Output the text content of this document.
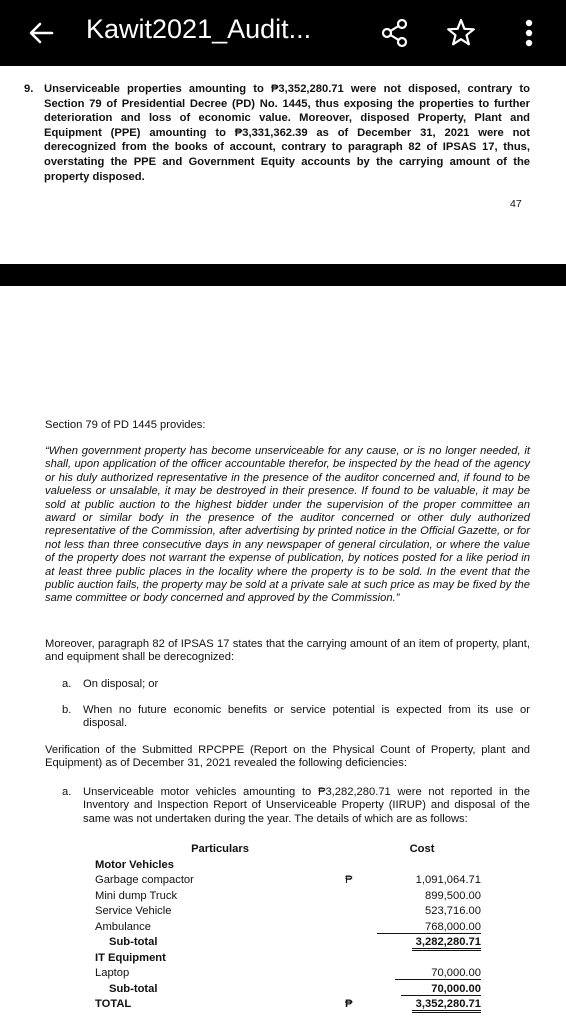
Kawit2021_Audit...
9. Unserviceable properties amounting to ₱3,352,280.71 were not disposed, contrary to Section 79 of Presidential Decree (PD) No. 1445, thus exposing the properties to further deterioration and loss of economic value. Moreover, disposed Property, Plant and Equipment (PPE) amounting to ₱3,331,362.39 as of December 31, 2021 were not derecognized from the books of account, contrary to paragraph 82 of IPSAS 17, thus, overstating the PPE and Government Equity accounts by the carrying amount of the property disposed.
47
Section 79 of PD 1445 provides:
“When government property has become unserviceable for any cause, or is no longer needed, it shall, upon application of the officer accountable therefor, be inspected by the head of the agency or his duly authorized representative in the presence of the auditor concerned and, if found to be valueless or unsalable, it may be destroyed in their presence. If found to be valuable, it may be sold at public auction to the highest bidder under the supervision of the proper committee an award or similar body in the presence of the auditor concerned or other duly authorized representative of the Commission, after advertising by printed notice in the Official Gazette, or for not less than three consecutive days in any newspaper of general circulation, or where the value of the property does not warrant the expense of publication, by notices posted for a like period in at least three public places in the locality where the property is to be sold. In the event that the public auction fails, the property may be sold at a private sale at such price as may be fixed by the same committee or body concerned and approved by the Commission.”
Moreover, paragraph 82 of IPSAS 17 states that the carrying amount of an item of property, plant, and equipment shall be derecognized:
a. On disposal; or
b. When no future economic benefits or service potential is expected from its use or disposal.
Verification of the Submitted RPCPPE (Report on the Physical Count of Property, plant and Equipment) as of December 31, 2021 revealed the following deficiencies:
a. Unserviceable motor vehicles amounting to ₱3,282,280.71 were not reported in the Inventory and Inspection Report of Unserviceable Property (IIRUP) and disposal of the same was not undertaken during the year. The details of which are as follows:
Particulars		Cost
Motor Vehicles		
Garbage compactor	₱	1,091,064.71
Mini dump Truck		899,500.00
Service Vehicle		523,716.00
Ambulance		768,000.00
Sub-total		3,282,280.71
IT Equipment		
Laptop		70,000.00
Sub-total		70,000.00
TOTAL	₱	3,352,280.71
